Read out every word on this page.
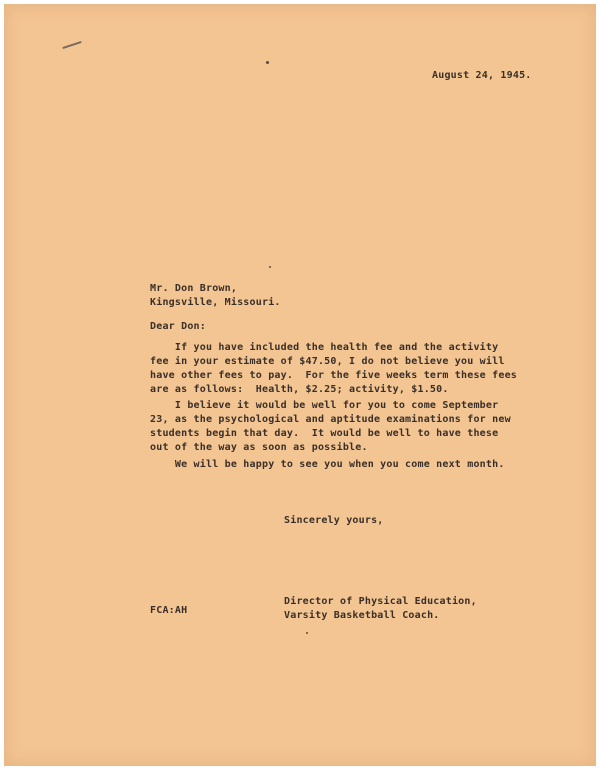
August 24, 1945.

Mr. Don Brown,
Kingsville, Missouri.

Dear Don:

If you have included the health fee and the activity
fee in your estimate of $47.50, I do not believe you will
have other fees to pay.  For the five weeks term these fees
are as follows:  Health, $2.25; activity, $1.50.
I believe it would be well for you to come September
23, as the psychological and aptitude examinations for new
students begin that day.  It would be well to have these
out of the way as soon as possible.
We will be happy to see you when you come next month.

Sincerely yours,

Director of Physical Education,
Varsity Basketball Coach.

FCA:AH
